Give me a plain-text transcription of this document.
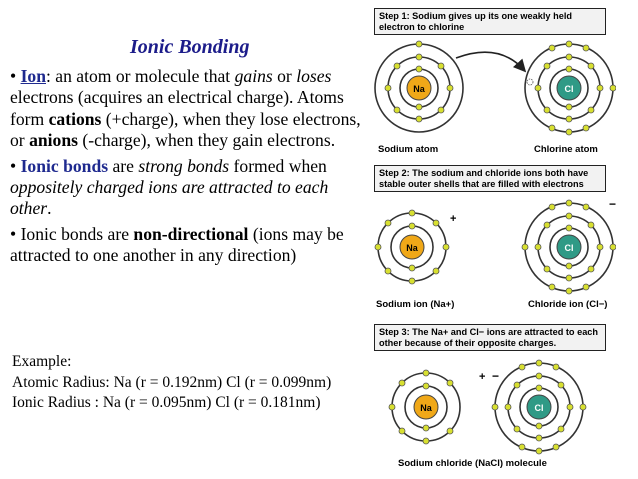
Ionic Bonding

• Ion: an atom or molecule that gains or loses electrons (acquires an electrical charge). Atoms form cations (+charge), when they lose electrons, or anions (-charge), when they gain electrons.

• Ionic bonds are strong bonds formed when oppositely charged ions are attracted to each other.

• Ionic bonds are non-directional (ions may be attracted to one another in any direction)

Example:
Atomic Radius: Na (r = 0.192nm) Cl (r = 0.099nm)
Ionic Radius : Na (r = 0.095nm) Cl (r = 0.181nm)
Step 1: Sodium gives up its one weakly held electron to chlorine
Step 2: The sodium and chloride ions both have stable outer shells that are filled with electrons
Step 3: The Na+ and Cl− ions are attracted to each other because of their opposite charges.
Na	Cl
Na
+
Cl
−
Na
+ −
Cl
Sodium atom	Chlorine atom
Sodium ion (Na+)	Chloride ion (Cl−)
Sodium chloride (NaCl) molecule
